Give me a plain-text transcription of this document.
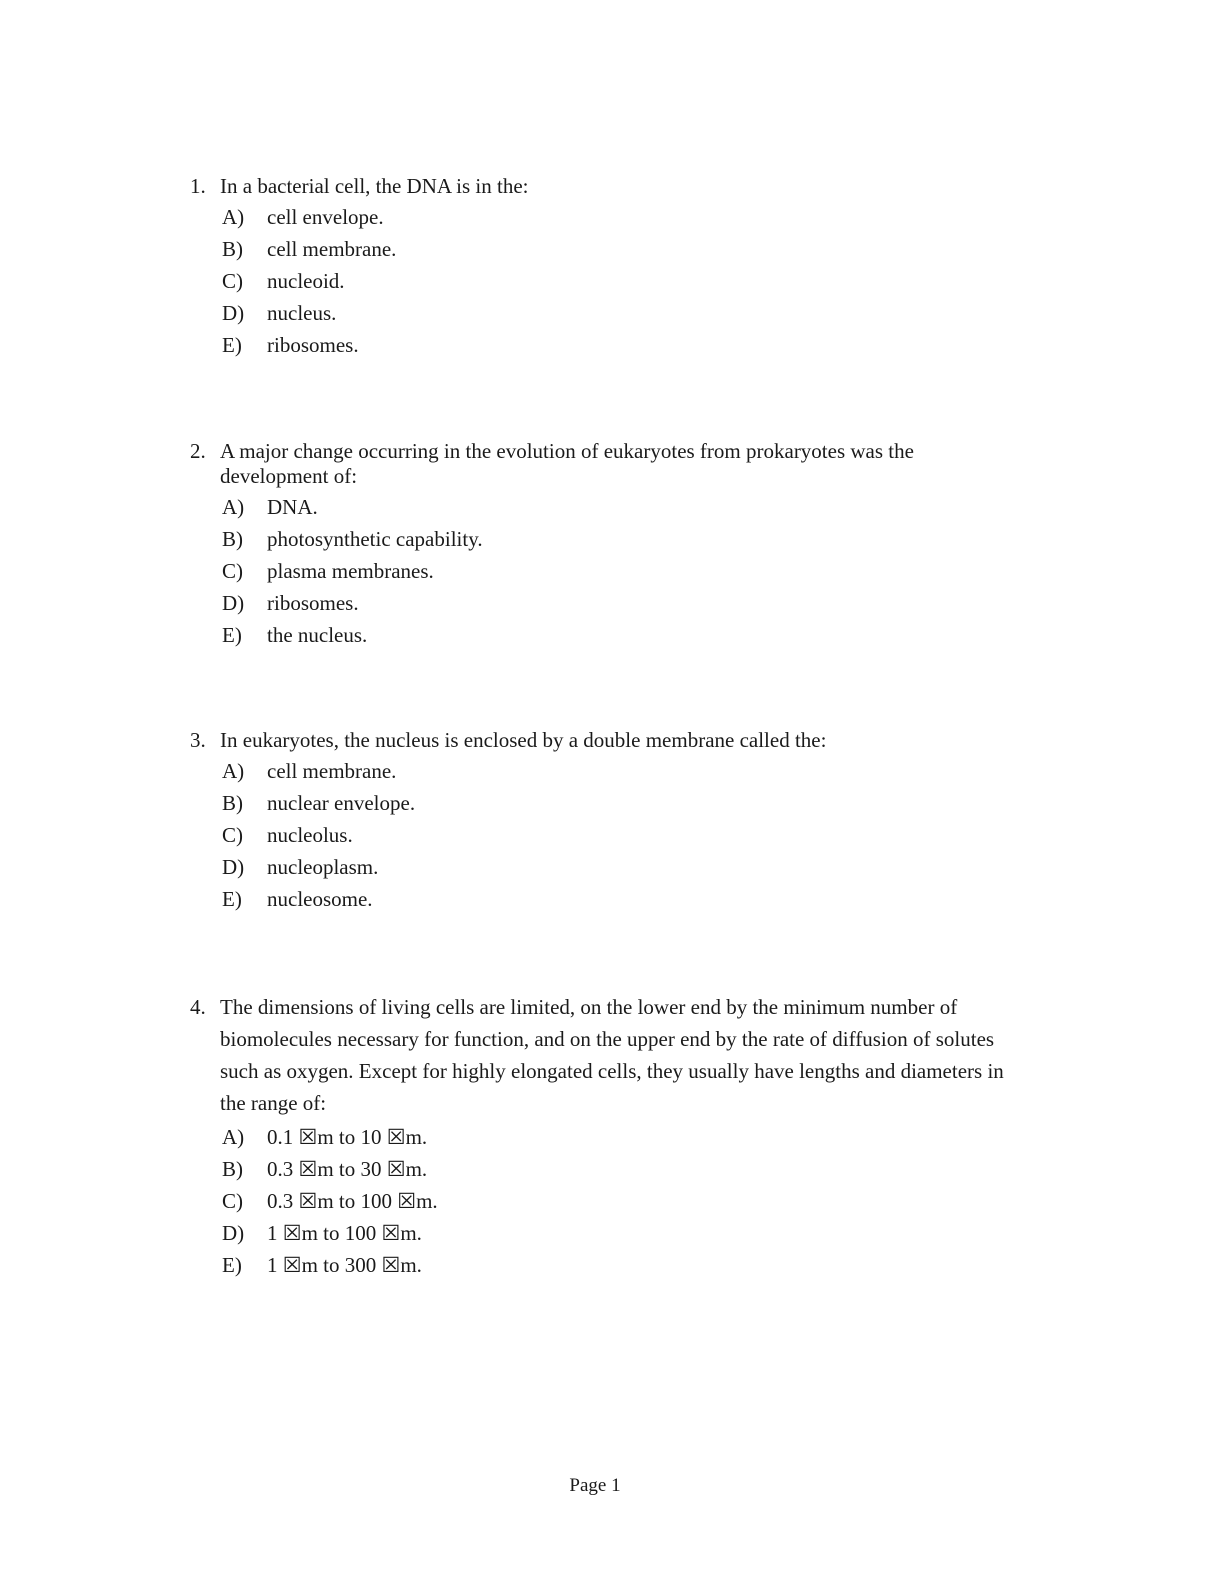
1. In a bacterial cell, the DNA is in the:
A) cell envelope.
B) cell membrane.
C) nucleoid.
D) nucleus.
E) ribosomes.
2. A major change occurring in the evolution of eukaryotes from prokaryotes was the development of:
A) DNA.
B) photosynthetic capability.
C) plasma membranes.
D) ribosomes.
E) the nucleus.
3. In eukaryotes, the nucleus is enclosed by a double membrane called the:
A) cell membrane.
B) nuclear envelope.
C) nucleolus.
D) nucleoplasm.
E) nucleosome.
4. The dimensions of living cells are limited, on the lower end by the minimum number of biomolecules necessary for function, and on the upper end by the rate of diffusion of solutes such as oxygen. Except for highly elongated cells, they usually have lengths and diameters in the range of:
A) 0.1 ☒m to 10 ☒m.
B) 0.3 ☒m to 30 ☒m.
C) 0.3 ☒m to 100 ☒m.
D) 1 ☒m to 100 ☒m.
E) 1 ☒m to 300 ☒m.
Page 1
